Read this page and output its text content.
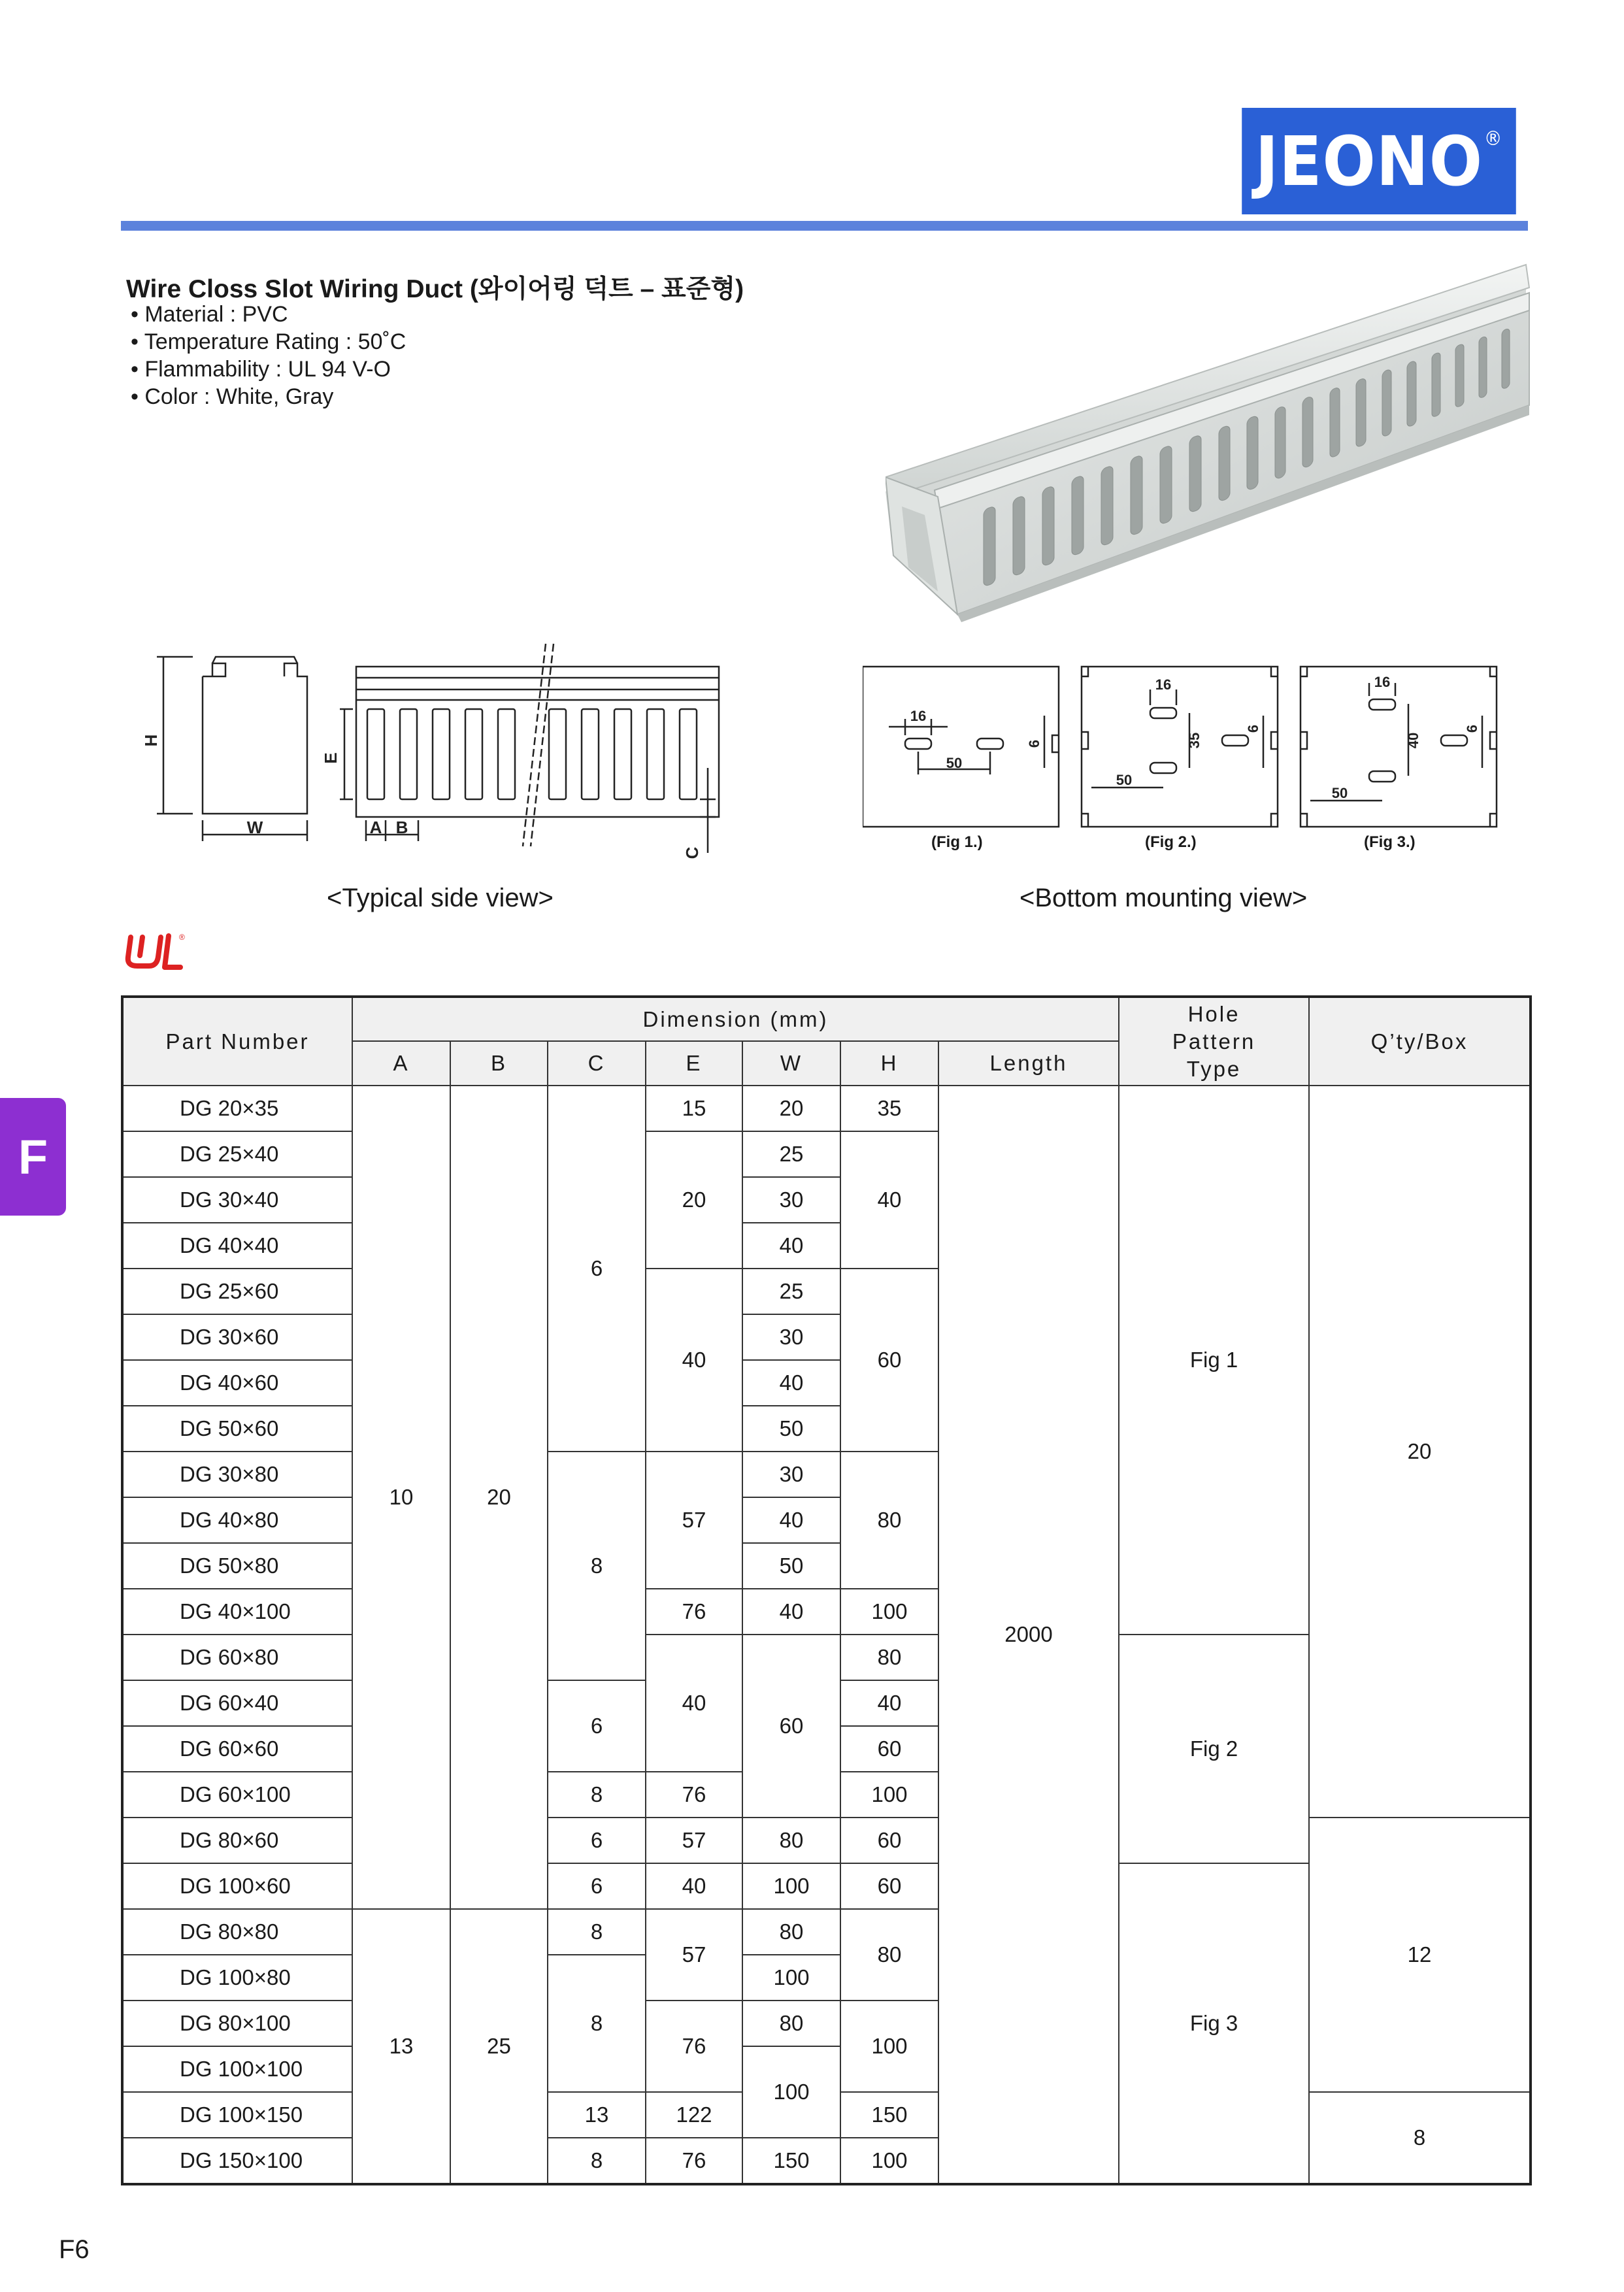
JEONO®
Wire Closs Slot Wiring Duct (와이어링 덕트 – 표준형)
• Material : PVC
• Temperature Rating : 50˚C
• Flammability : UL 94 V-O
• Color : White, Gray
H
W
E
A B
C
16
50
6
16
35
6
50
16
40
6
50
(Fig 1.)	(Fig 2.)	(Fig 3.)
<Typical side view>	<Bottom mounting view>
®
F
F6
Part Number	Dimension (mm)							Hole Pattern Type	Q’ty/Box
	A	B	C	E	W	H	Length		
DG 20×35	10	20	6	15	20	35	2000	Fig 1	20
DG 25×40				20	25	40			
DG 30×40					30				
DG 40×40					40				
DG 25×60				40	25	60			
DG 30×60					30				
DG 40×60					40				
DG 50×60					50				
DG 30×80			8	57	30	80			
DG 40×80					40				
DG 50×80					50				
DG 40×100				76	40	100			
DG 60×80				40	60	80		Fig 2	
DG 60×40			6			40			
DG 60×60						60			
DG 60×100			8	76		100			
DG 80×60			6	57	80	60			12
DG 100×60			6	40	100	60		Fig 3	
DG 80×80	13	25	8	57	80	80			
DG 100×80			8		100				
DG 80×100				76	80	100			
DG 100×100					100				
DG 100×150			13	122		150			8
DG 150×100			8	76	150	100			
